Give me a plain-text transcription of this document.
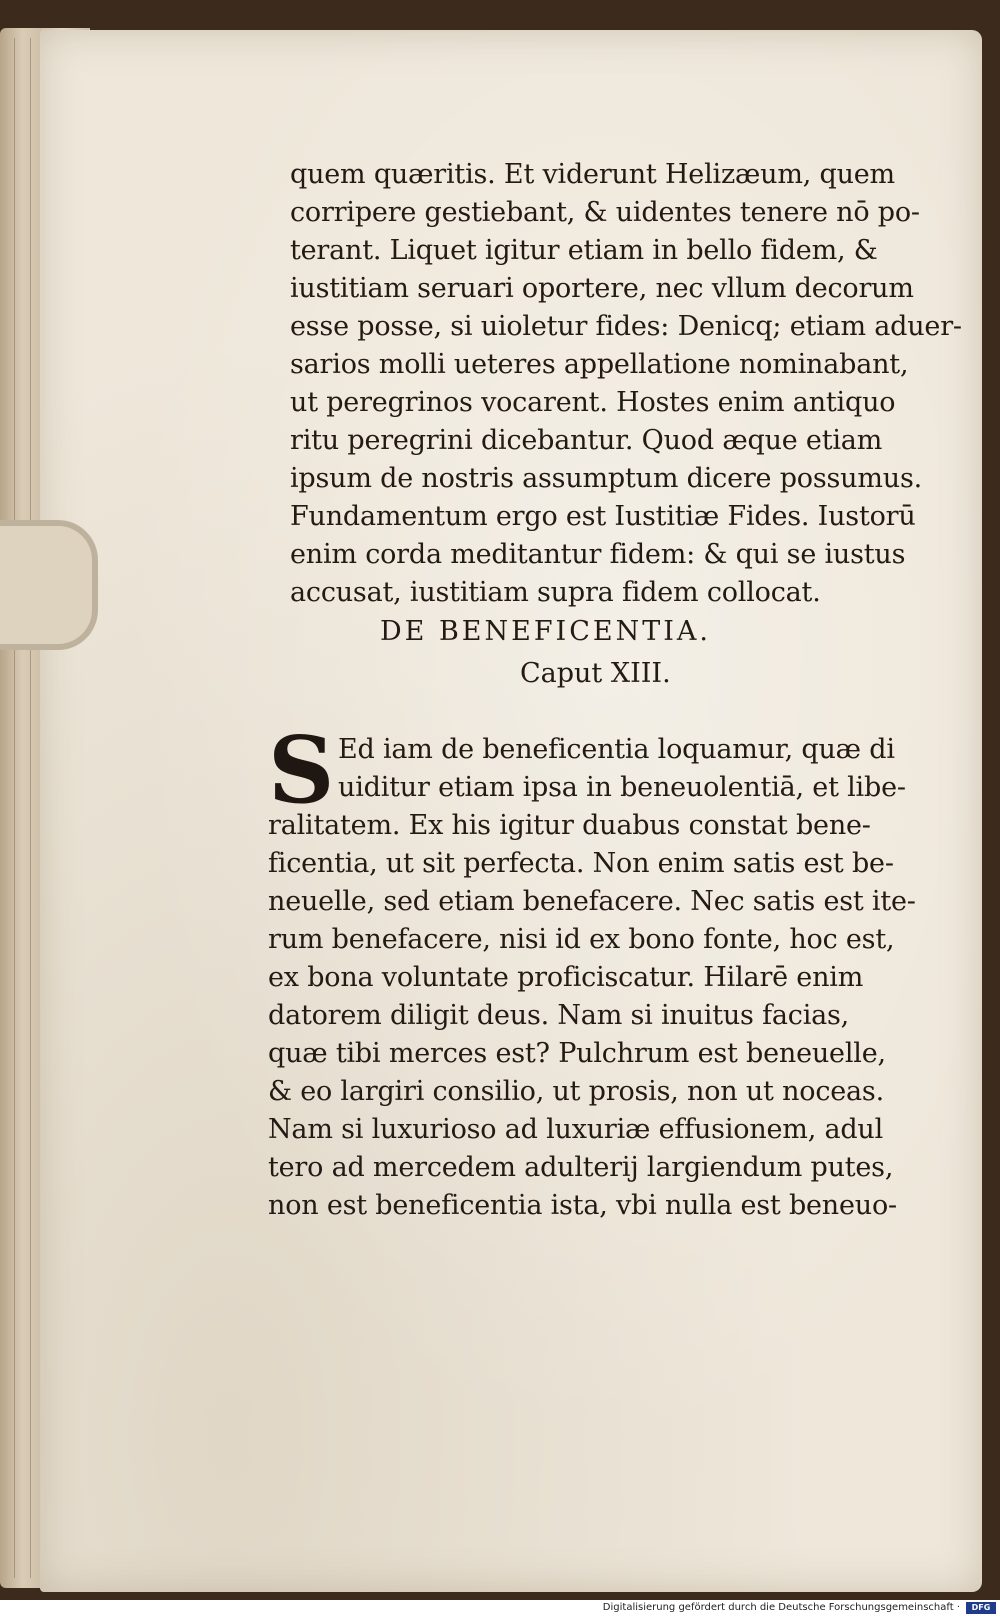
quem quæritis. Et viderunt Helizæum, quem
corripere gestiebant, & uidentes tenere nō po-
terant. Liquet igitur etiam in bello fidem, &
iustitiam seruari oportere, nec vllum decorum
esse posse, si uioletur fides: Denicq; etiam aduer-
sarios molli ueteres appellatione nominabant,
ut peregrinos vocarent. Hostes enim antiquo
ritu peregrini dicebantur. Quod æque etiam
ipsum de nostris assumptum dicere possumus.
Fundamentum ergo est Iustitiæ Fides. Iustorū
enim corda meditantur fidem: & qui se iustus
accusat, iustitiam supra fidem collocat.
DE BENEFICENTIA.
Caput XIII.
S Ed iam de beneficentia loquamur, quæ di
uiditur etiam ipsa in beneuolentiā, et libe-
ralitatem. Ex his igitur duabus constat bene-
ficentia, ut sit perfecta. Non enim satis est be-
neuelle, sed etiam benefacere. Nec satis est ite-
rum benefacere, nisi id ex bono fonte, hoc est,
ex bona voluntate proficiscatur. Hilarē enim
datorem diligit deus. Nam si inuitus facias,
quæ tibi merces est? Pulchrum est beneuelle,
& eo largiri consilio, ut prosis, non ut noceas.
Nam si luxurioso ad luxuriæ effusionem, adul
tero ad mercedem adulterij largiendum putes,
non est beneficentia ista, vbi nulla est beneuo-
Digitalisierung gefördert durch die Deutsche Forschungsgemeinschaft ·	DFG
